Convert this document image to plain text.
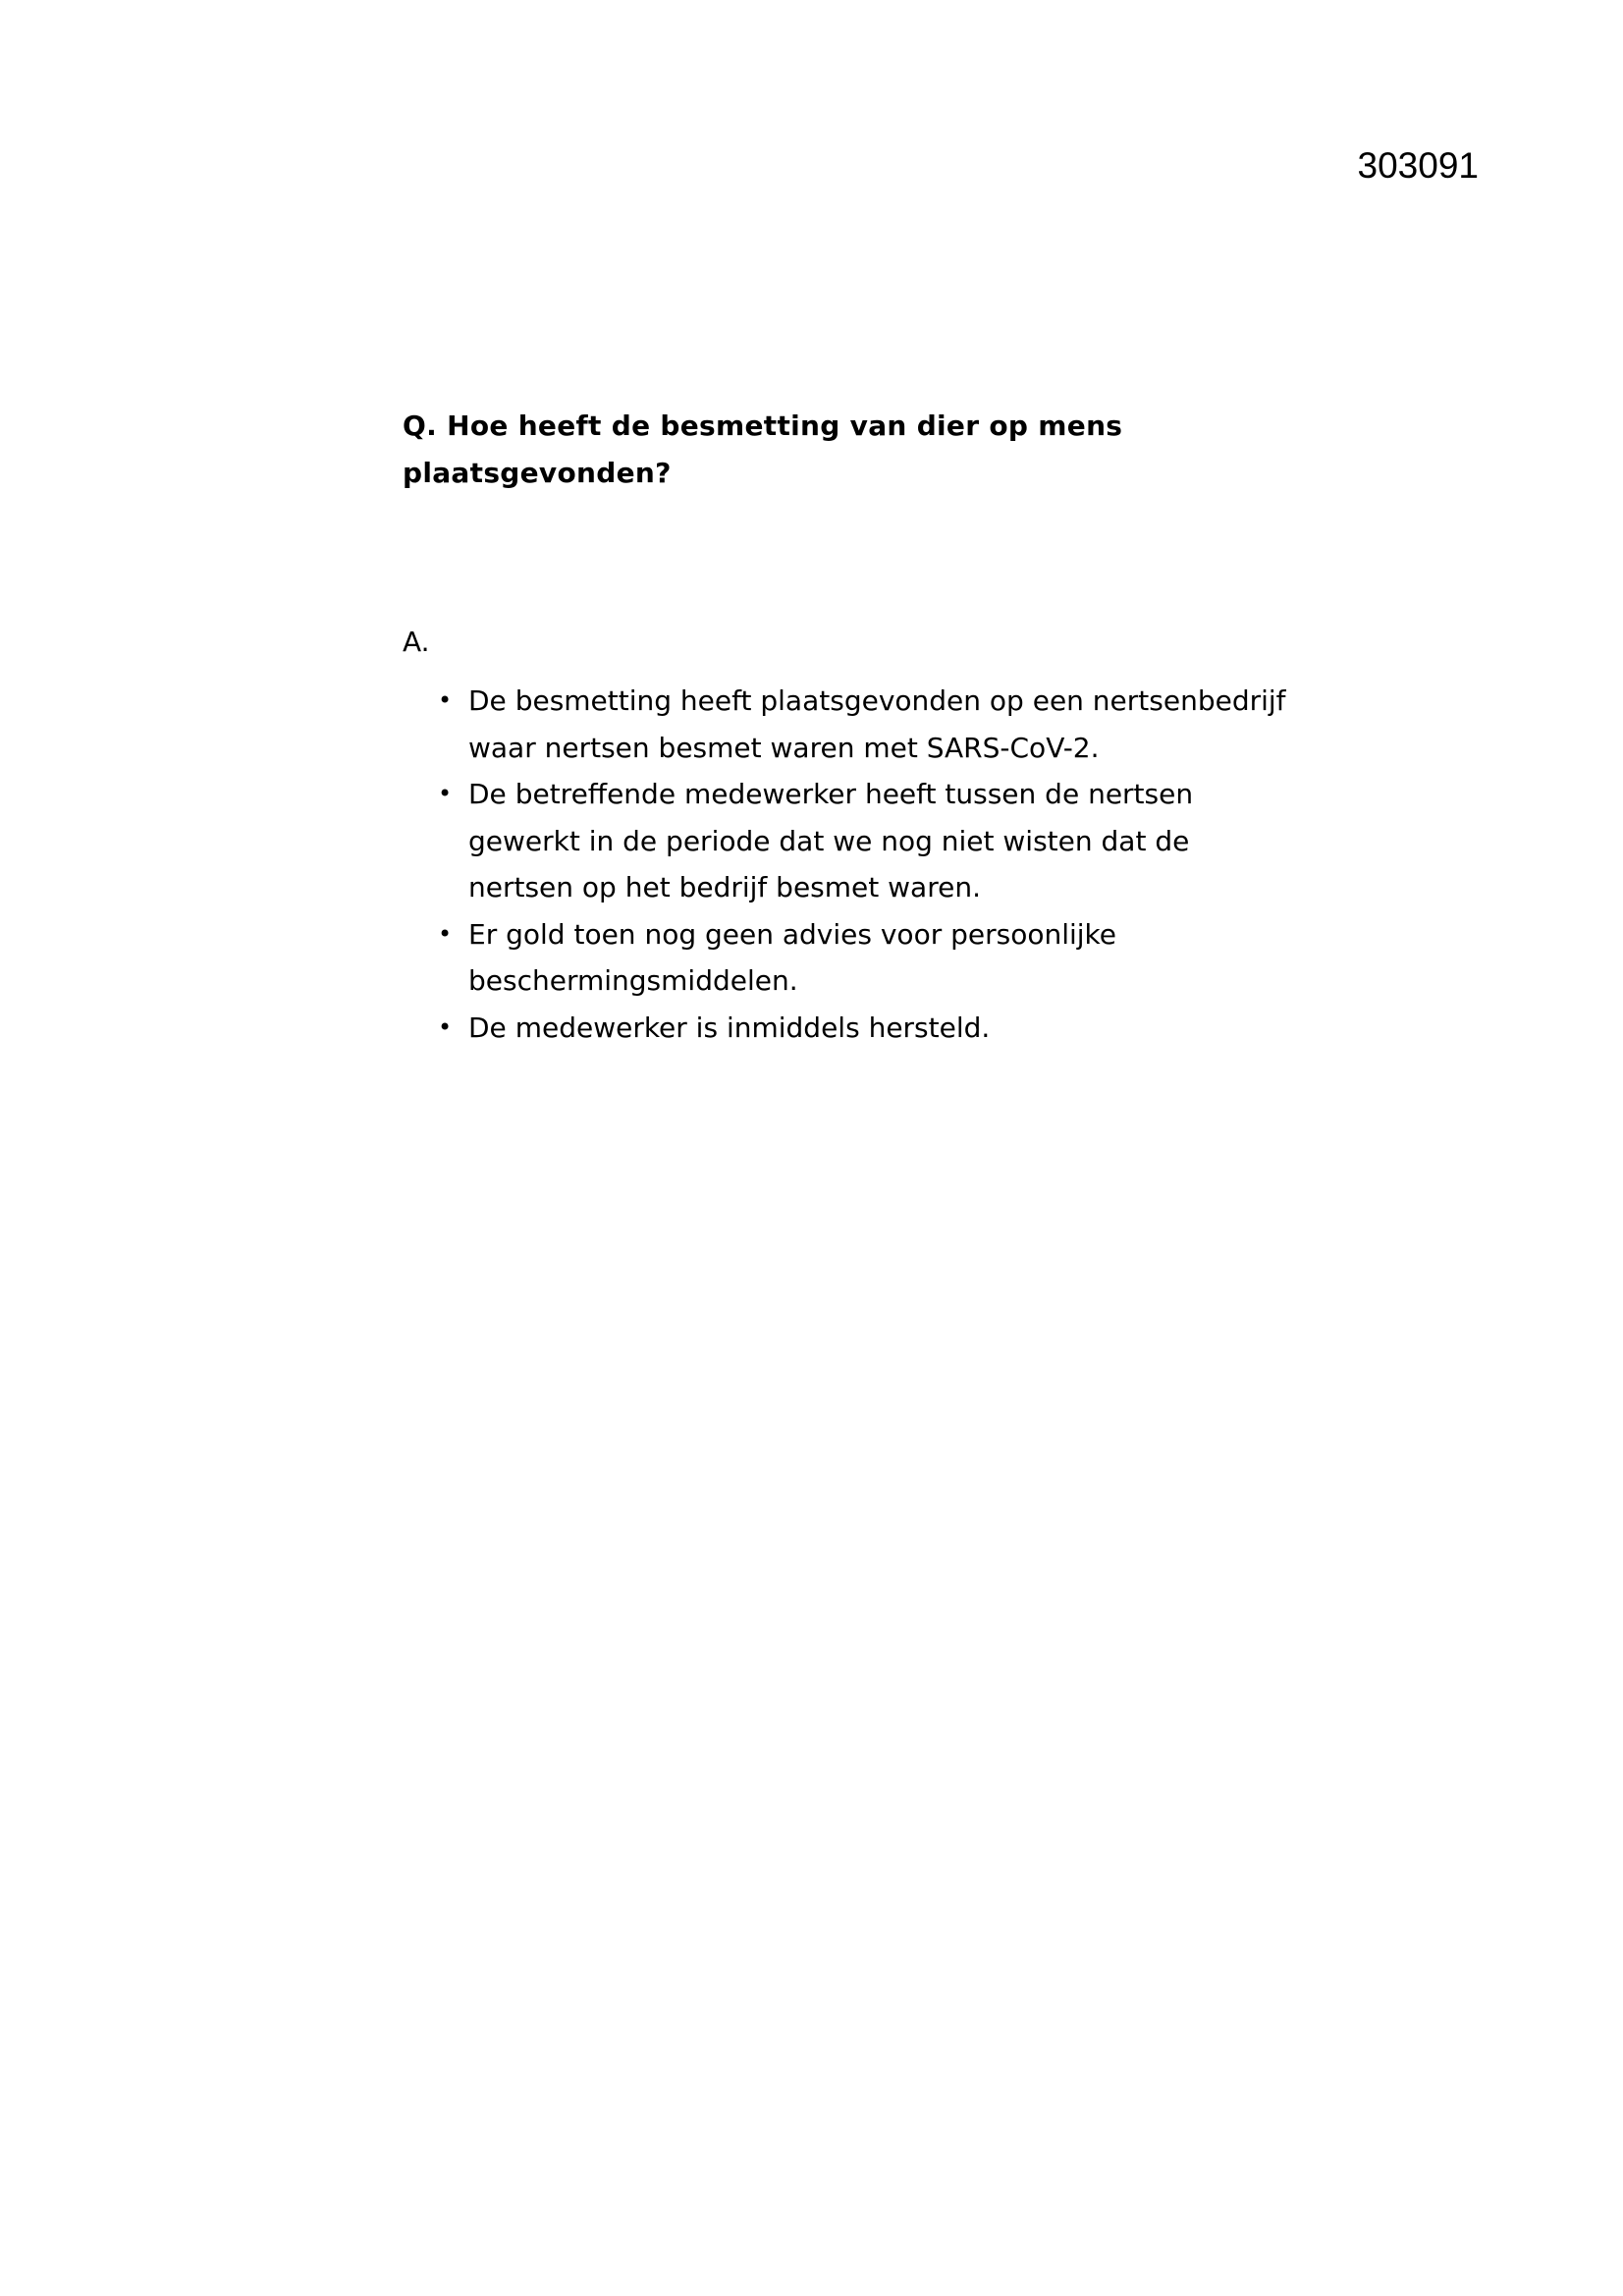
303091
Q. Hoe heeft de besmetting van dier op mens plaatsgevonden?
A.
• De besmetting heeft plaatsgevonden op een nertsenbedrijf waar nertsen besmet waren met SARS-CoV-2.
• De betreffende medewerker heeft tussen de nertsen gewerkt in de periode dat we nog niet wisten dat de nertsen op het bedrijf besmet waren.
• Er gold toen nog geen advies voor persoonlijke beschermingsmiddelen.
• De medewerker is inmiddels hersteld.
